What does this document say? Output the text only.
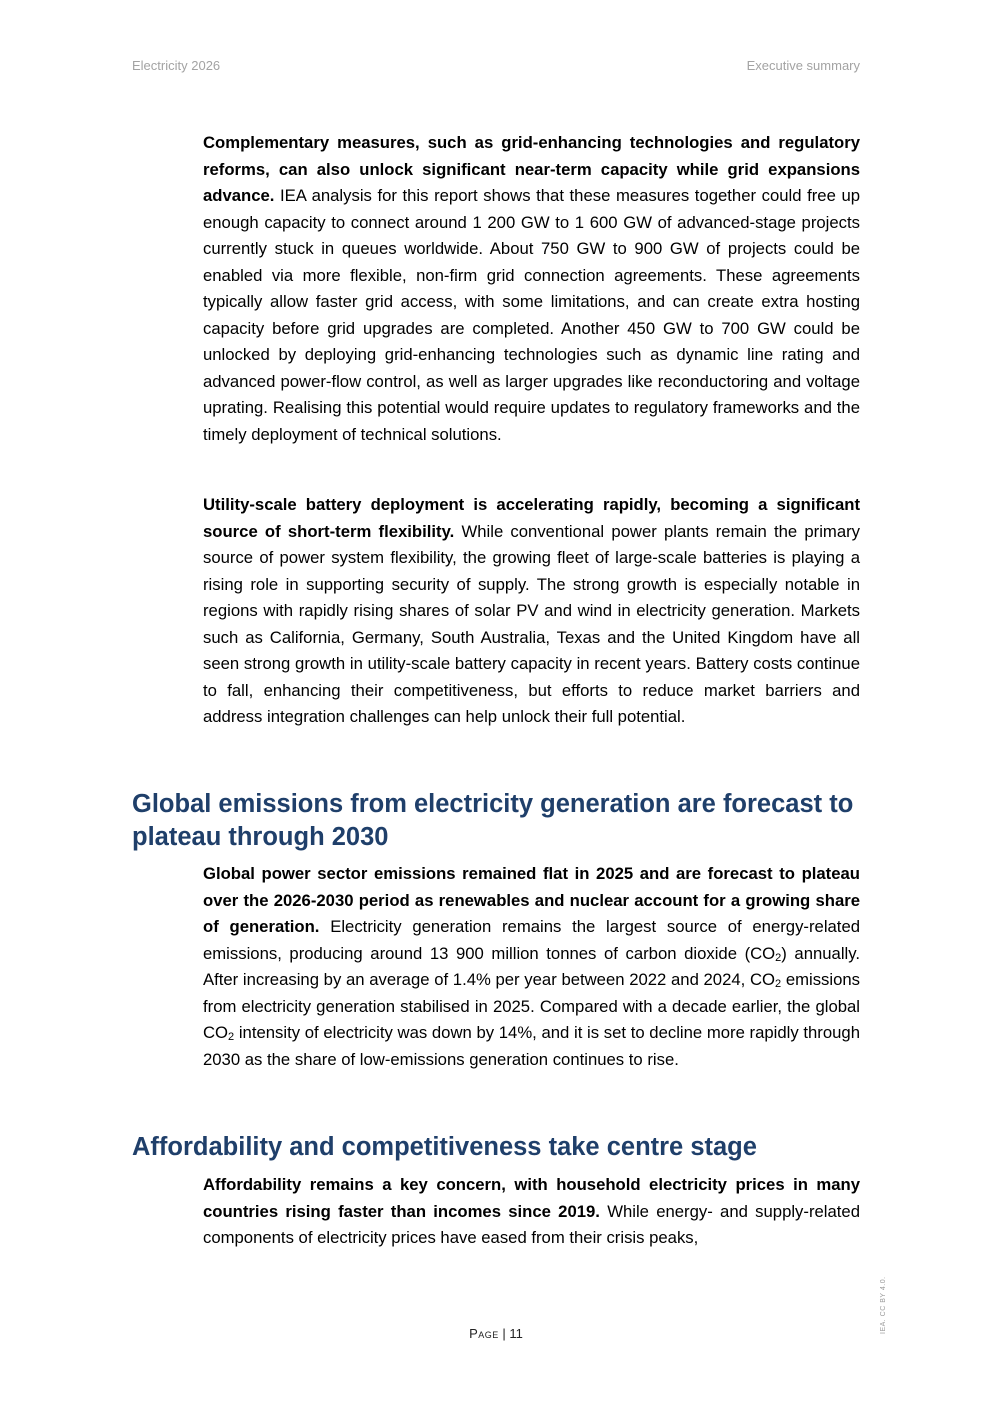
Electricity 2026	Executive summary

Complementary measures, such as grid-enhancing technologies and regulatory reforms, can also unlock significant near-term capacity while grid expansions advance. IEA analysis for this report shows that these measures together could free up enough capacity to connect around 1 200 GW to 1 600 GW of advanced-stage projects currently stuck in queues worldwide. About 750 GW to 900 GW of projects could be enabled via more flexible, non-firm grid connection agreements. These agreements typically allow faster grid access, with some limitations, and can create extra hosting capacity before grid upgrades are completed. Another 450 GW to 700 GW could be unlocked by deploying grid-enhancing technologies such as dynamic line rating and advanced power-flow control, as well as larger upgrades like reconductoring and voltage uprating. Realising this potential would require updates to regulatory frameworks and the timely deployment of technical solutions.

Utility-scale battery deployment is accelerating rapidly, becoming a significant source of short-term flexibility. While conventional power plants remain the primary source of power system flexibility, the growing fleet of large-scale batteries is playing a rising role in supporting security of supply. The strong growth is especially notable in regions with rapidly rising shares of solar PV and wind in electricity generation. Markets such as California, Germany, South Australia, Texas and the United Kingdom have all seen strong growth in utility-scale battery capacity in recent years. Battery costs continue to fall, enhancing their competitiveness, but efforts to reduce market barriers and address integration challenges can help unlock their full potential.

Global emissions from electricity generation are forecast to plateau through 2030

Global power sector emissions remained flat in 2025 and are forecast to plateau over the 2026-2030 period as renewables and nuclear account for a growing share of generation. Electricity generation remains the largest source of energy-related emissions, producing around 13 900 million tonnes of carbon dioxide $(CO_2)$ annually. After increasing by an average of 1.4% per year between 2022 and 2024, $CO_2$ emissions from electricity generation stabilised in 2025. Compared with a decade earlier, the global $CO_2$ intensity of electricity was down by 14%, and it is set to decline more rapidly through 2030 as the share of low-emissions generation continues to rise.

Affordability and competitiveness take centre stage

Affordability remains a key concern, with household electricity prices in many countries rising faster than incomes since 2019. While energy- and supply-related components of electricity prices have eased from their crisis peaks,

Page | 11	IEA. CC BY 4.0.
